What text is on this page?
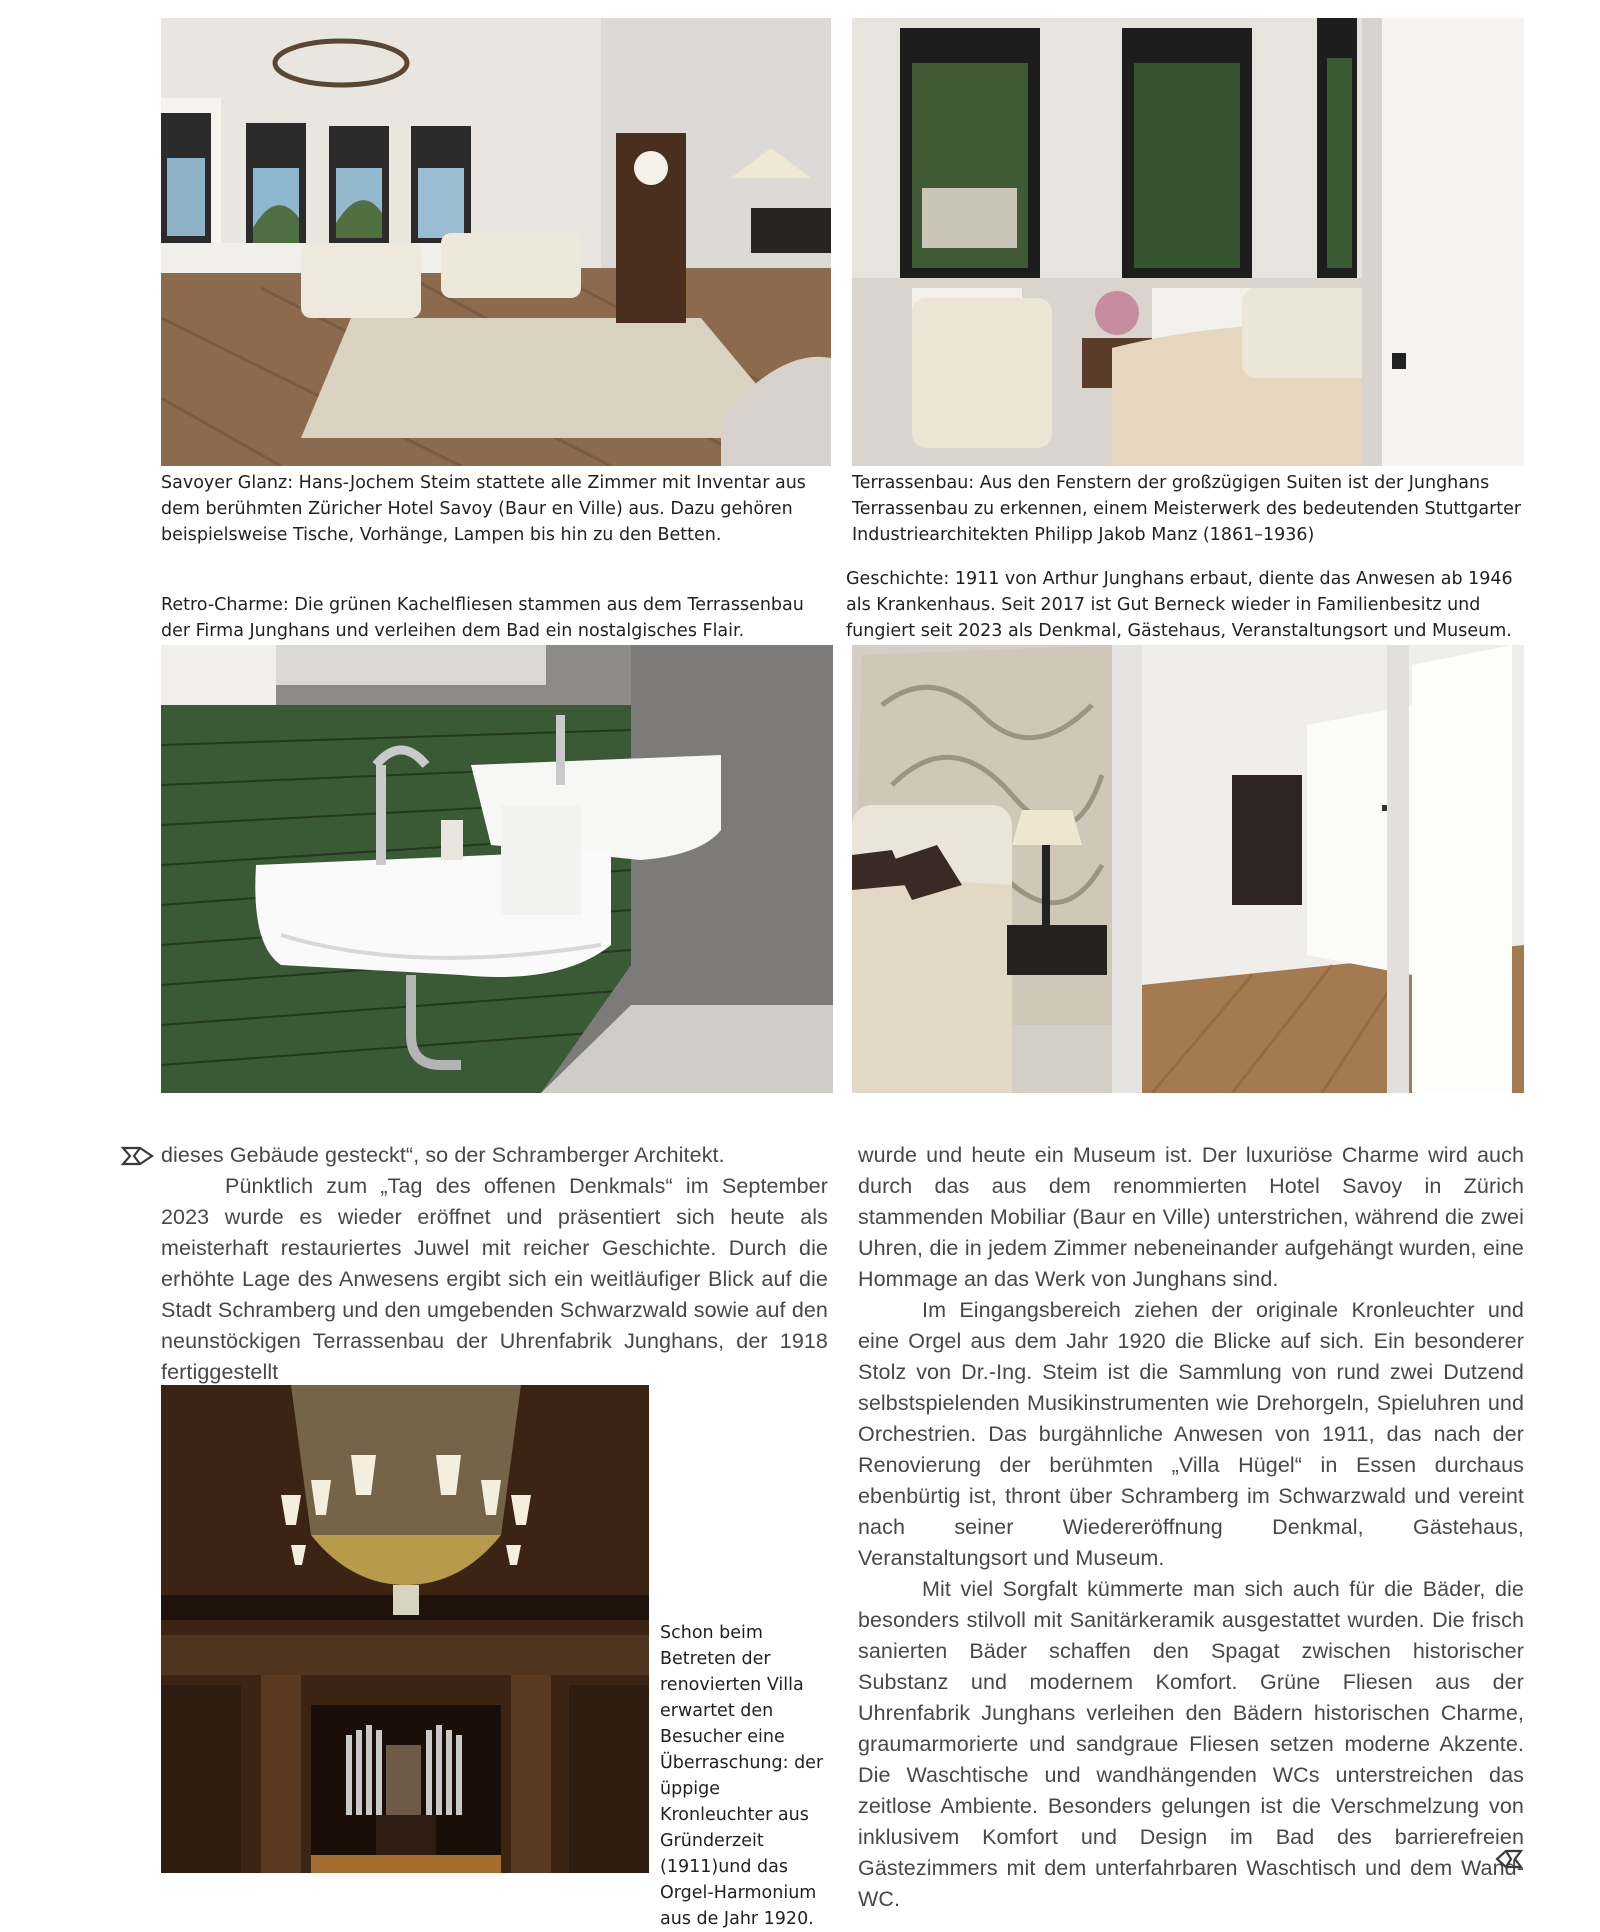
Savoyer Glanz: Hans-Jochem Steim stattete alle Zimmer mit Inventar aus dem berühmten Züricher Hotel Savoy (Baur en Ville) aus. Dazu gehören beispielsweise Tische, Vorhänge, Lampen bis hin zu den Betten.

Terrassenbau: Aus den Fenstern der großzügigen Suiten ist der Junghans Terrassenbau zu erkennen, einem Meisterwerk des bedeutenden Stuttgarter Industriearchitekten Philipp Jakob Manz (1861–1936)

Retro-Charme: Die grünen Kachelfliesen stammen aus dem Terrassenbau der Firma Junghans und verleihen dem Bad ein nostalgisches Flair.

Geschichte: 1911 von Arthur Junghans erbaut, diente das Anwesen ab 1946 als Krankenhaus. Seit 2017 ist Gut Berneck wieder in Familienbesitz und fungiert seit 2023 als Denkmal, Gästehaus, Veranstaltungsort und Museum.

dieses Gebäude gesteckt“, so der Schramberger Architekt.

Pünktlich zum „Tag des offenen Denkmals“ im September 2023 wurde es wieder eröffnet und präsentiert sich heute als meisterhaft restauriertes Juwel mit reicher Geschichte. Durch die erhöhte Lage des Anwesens ergibt sich ein weitläufiger Blick auf die Stadt Schramberg und den umgebenden Schwarzwald sowie auf den neunstöckigen Terrassenbau der Uhrenfabrik Junghans, der 1918 fertiggestellt

wurde und heute ein Museum ist. Der luxuriöse Charme wird auch durch das aus dem renommierten Hotel Savoy in Zürich stammenden Mobiliar (Baur en Ville) unterstrichen, während die zwei Uhren, die in jedem Zimmer nebeneinander aufgehängt wurden, eine Hommage an das Werk von Junghans sind.

Im Eingangsbereich ziehen der originale Kronleuchter und eine Orgel aus dem Jahr 1920 die Blicke auf sich. Ein besonderer Stolz von Dr.-Ing. Steim ist die Sammlung von rund zwei Dutzend selbstspielenden Musikinstrumenten wie Drehorgeln, Spieluhren und Orchestrien. Das burgähnliche Anwesen von 1911, das nach der Renovierung der berühmten „Villa Hügel“ in Essen durchaus ebenbürtig ist, thront über Schramberg im Schwarzwald und vereint nach seiner Wiedereröffnung Denkmal, Gästehaus, Veranstaltungsort und Museum.

Mit viel Sorgfalt kümmerte man sich auch für die Bäder, die besonders stilvoll mit Sanitärkeramik ausgestattet wurden. Die frisch sanierten Bäder schaffen den Spagat zwischen historischer Substanz und modernem Komfort. Grüne Fliesen aus der Uhrenfabrik Junghans verleihen den Bädern historischen Charme, graumarmorierte und sandgraue Fliesen setzen moderne Akzente. Die Waschtische und wandhängenden WCs unterstreichen das zeitlose Ambiente. Besonders gelungen ist die Verschmelzung von inklusivem Komfort und Design im Bad des barrierefreien Gästezimmers mit dem unterfahrbaren Waschtisch und dem Wand-WC.

Schon beim Betreten der renovierten Villa erwartet den Besucher eine Überraschung: der üppige Kronleuchter aus Gründerzeit (1911)und das Orgel-Harmonium aus de Jahr 1920.
